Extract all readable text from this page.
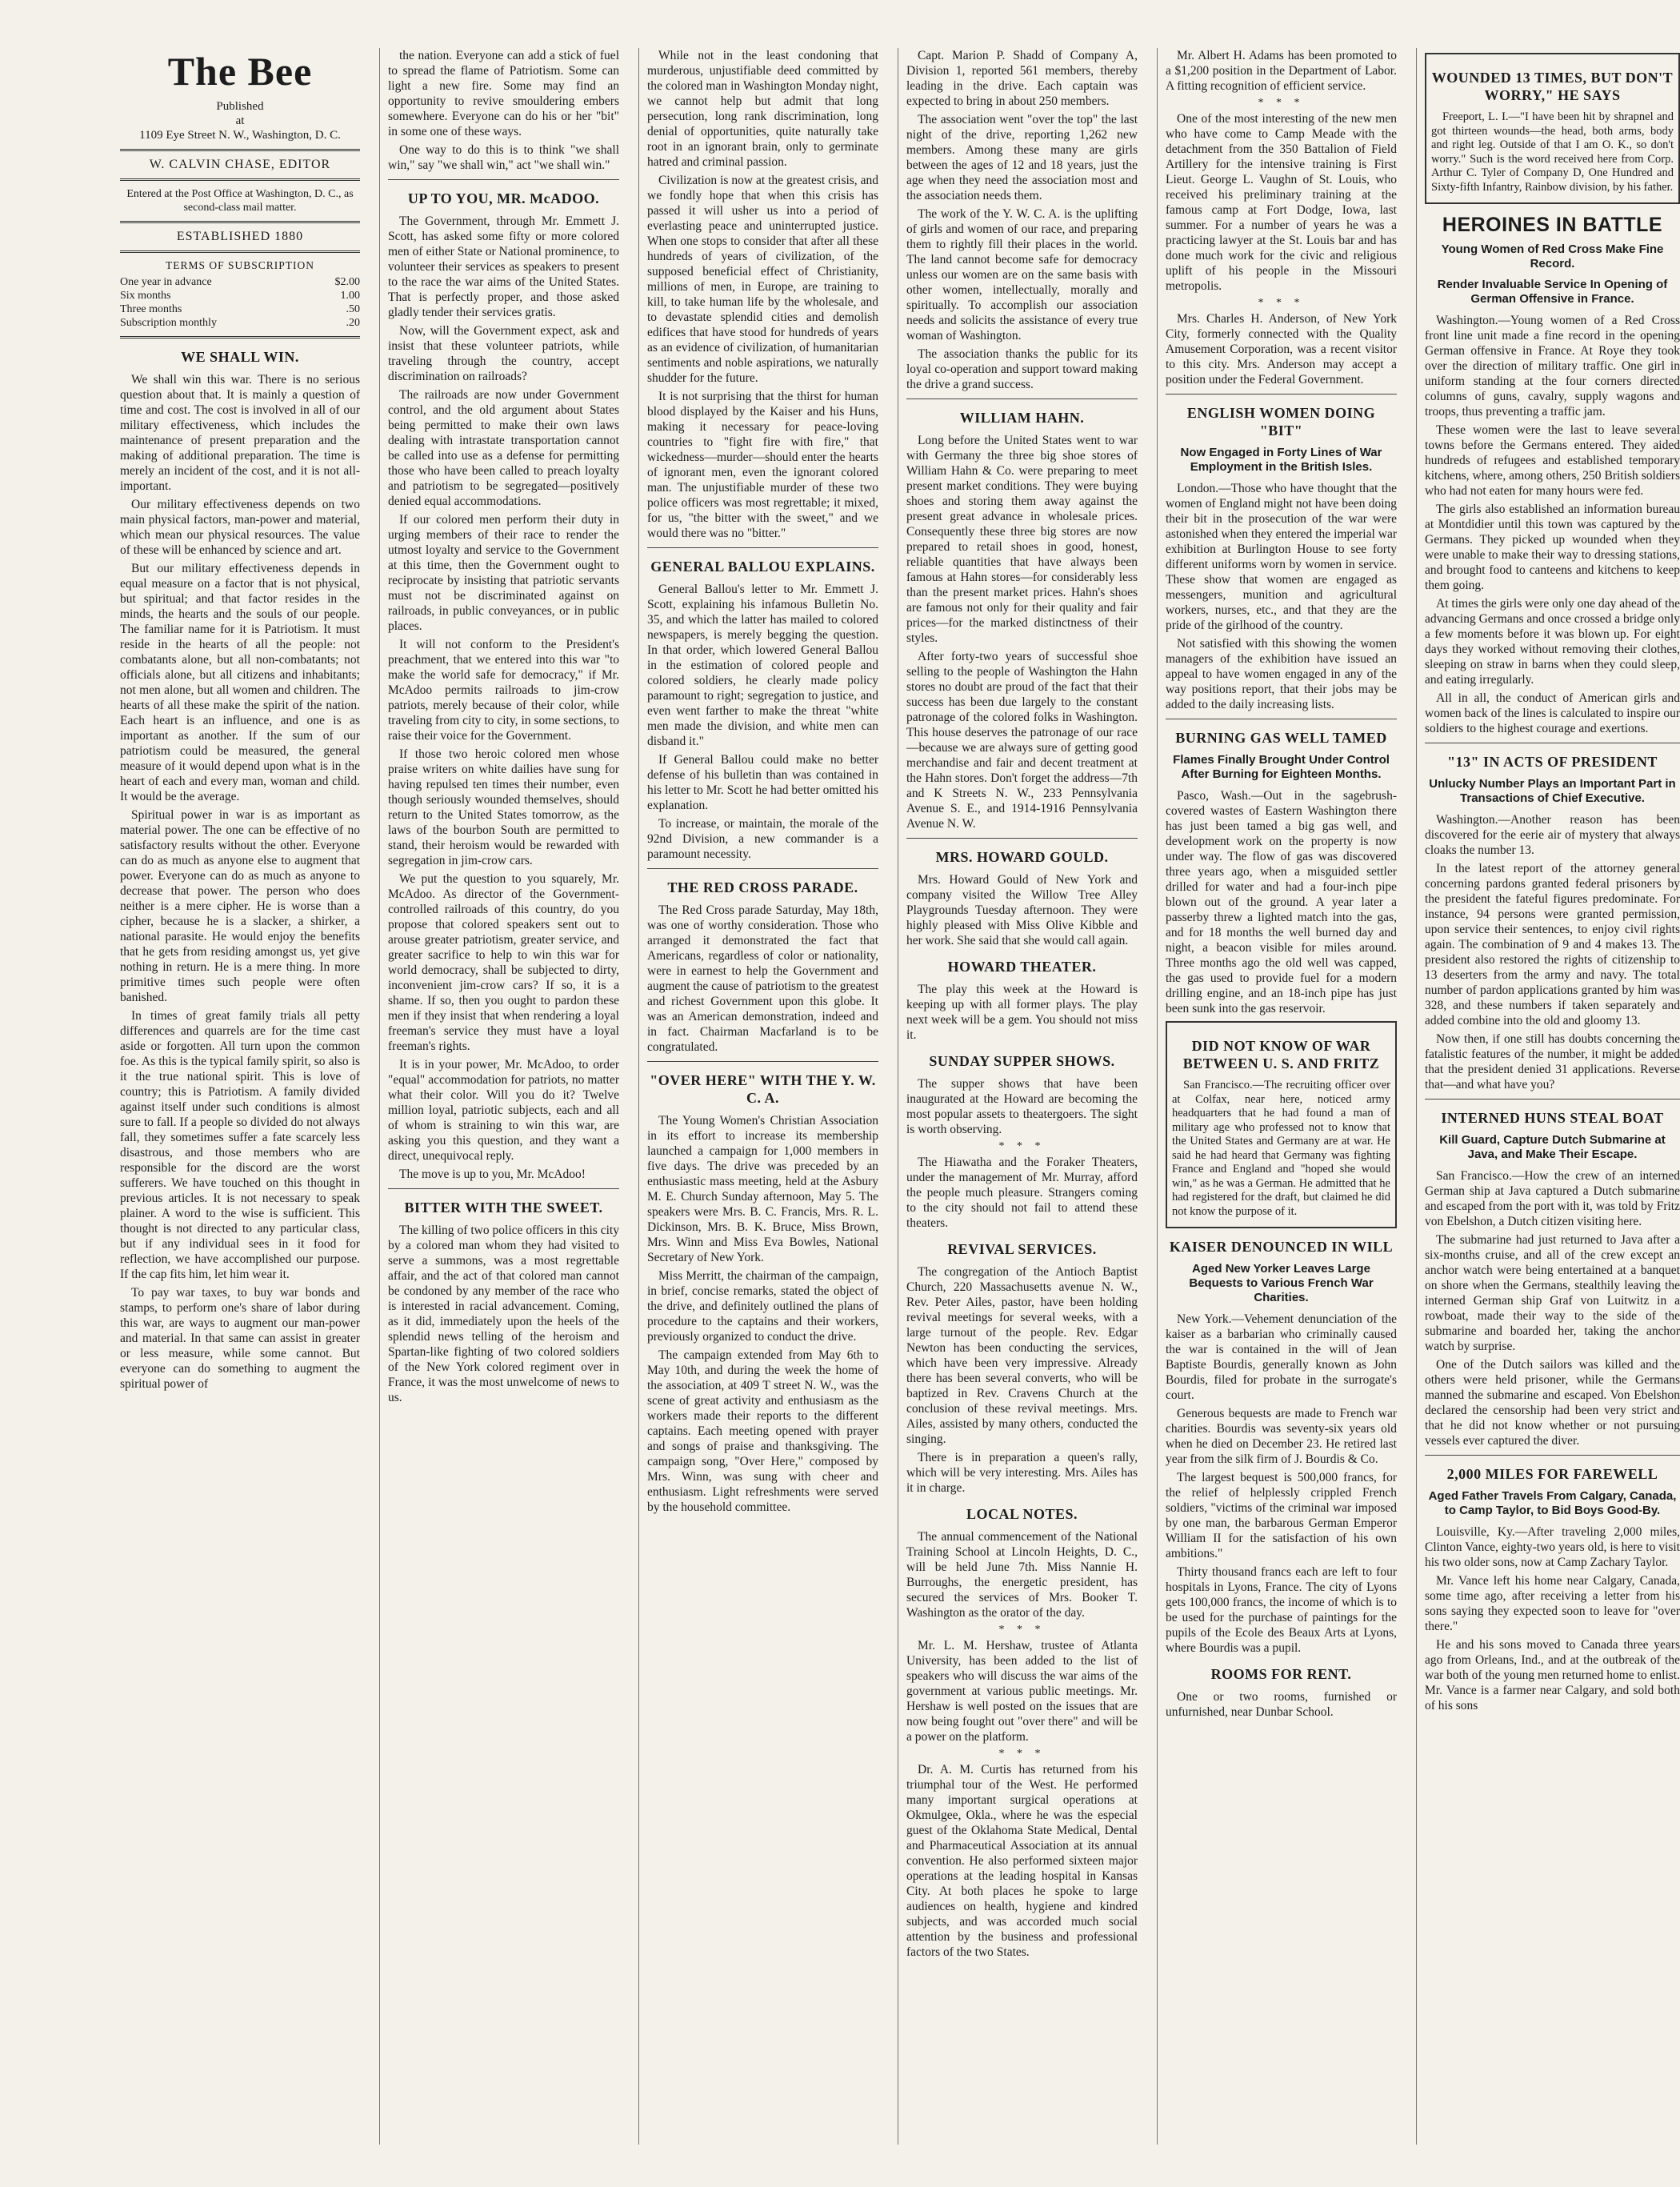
The Bee
Published
at
1109 Eye Street N. W., Washington, D. C.
W. CALVIN CHASE, EDITOR

Entered at the Post Office at Washington, D. C., as second-class mail matter.

ESTABLISHED 1880
TERMS OF SUBSCRIPTION
One year in advance	$2.00
Six months	1.00
Three months	.50
Subscription monthly	.20
WE SHALL WIN.

We shall win this war. There is no serious question about that. It is mainly a question of time and cost. The cost is involved in all of our military effectiveness, which includes the maintenance of present preparation and the making of additional preparation. The time is merely an incident of the cost, and it is not all-important.

Our military effectiveness depends on two main physical factors, man-power and material, which mean our physical resources. The value of these will be enhanced by science and art.

But our military effectiveness depends in equal measure on a factor that is not physical, but spiritual; and that factor resides in the minds, the hearts and the souls of our people. The familiar name for it is Patriotism. It must reside in the hearts of all the people: not combatants alone, but all non-combatants; not officials alone, but all citizens and inhabitants; not men alone, but all women and children. The hearts of all these make the spirit of the nation. Each heart is an influence, and one is as important as another. If the sum of our patriotism could be measured, the general measure of it would depend upon what is in the heart of each and every man, woman and child. It would be the average.

Spiritual power in war is as important as material power. The one can be effective of no satisfactory results without the other. Everyone can do as much as anyone else to augment that power. Everyone can do as much as anyone to decrease that power. The person who does neither is a mere cipher. He is worse than a cipher, because he is a slacker, a shirker, a national parasite. He would enjoy the benefits that he gets from residing amongst us, yet give nothing in return. He is a mere thing. In more primitive times such people were often banished.

In times of great family trials all petty differences and quarrels are for the time cast aside or forgotten. All turn upon the common foe. As this is the typical family spirit, so also is it the true national spirit. This is love of country; this is Patriotism. A family divided against itself under such conditions is almost sure to fall. If a people so divided do not always fall, they sometimes suffer a fate scarcely less disastrous, and those members who are responsible for the discord are the worst sufferers. We have touched on this thought in previous articles. It is not necessary to speak plainer. A word to the wise is sufficient. This thought is not directed to any particular class, but if any individual sees in it food for reflection, we have accomplished our purpose. If the cap fits him, let him wear it.

To pay war taxes, to buy war bonds and stamps, to perform one's share of labor during this war, are ways to augment our man-power and material. In that same can assist in greater or less measure, while some cannot. But everyone can do something to augment the spiritual power of

the nation. Everyone can add a stick of fuel to spread the flame of Patriotism. Some can light a new fire. Some may find an opportunity to revive smouldering embers somewhere. Everyone can do his or her "bit" in some one of these ways.

One way to do this is to think "we shall win," say "we shall win," act "we shall win."

UP TO YOU, MR. McADOO.

The Government, through Mr. Emmett J. Scott, has asked some fifty or more colored men of either State or National prominence, to volunteer their services as speakers to present to the race the war aims of the United States. That is perfectly proper, and those asked gladly tender their services gratis.

Now, will the Government expect, ask and insist that these volunteer patriots, while traveling through the country, accept discrimination on railroads?

The railroads are now under Government control, and the old argument about States being permitted to make their own laws dealing with intrastate transportation cannot be called into use as a defense for permitting those who have been called to preach loyalty and patriotism to be segregated—positively denied equal accommodations.

If our colored men perform their duty in urging members of their race to render the utmost loyalty and service to the Government at this time, then the Government ought to reciprocate by insisting that patriotic servants must not be discriminated against on railroads, in public conveyances, or in public places.

It will not conform to the President's preachment, that we entered into this war "to make the world safe for democracy," if Mr. McAdoo permits railroads to jim-crow patriots, merely because of their color, while traveling from city to city, in some sections, to raise their voice for the Government.

If those two heroic colored men whose praise writers on white dailies have sung for having repulsed ten times their number, even though seriously wounded themselves, should return to the United States tomorrow, as the laws of the bourbon South are permitted to stand, their heroism would be rewarded with segregation in jim-crow cars.

We put the question to you squarely, Mr. McAdoo. As director of the Government-controlled railroads of this country, do you propose that colored speakers sent out to arouse greater patriotism, greater service, and greater sacrifice to help to win this war for world democracy, shall be subjected to dirty, inconvenient jim-crow cars? If so, it is a shame. If so, then you ought to pardon these men if they insist that when rendering a loyal freeman's service they must have a loyal freeman's rights.

It is in your power, Mr. McAdoo, to order "equal" accommodation for patriots, no matter what their color. Will you do it? Twelve million loyal, patriotic subjects, each and all of whom is straining to win this war, are asking you this question, and they want a direct, unequivocal reply.

The move is up to you, Mr. McAdoo!

BITTER WITH THE SWEET.

The killing of two police officers in this city by a colored man whom they had visited to serve a summons, was a most regrettable affair, and the act of that colored man cannot be condoned by any member of the race who is interested in racial advancement. Coming, as it did, immediately upon the heels of the splendid news telling of the heroism and Spartan-like fighting of two colored soldiers of the New York colored regiment over in France, it was the most unwelcome of news to us.

While not in the least condoning that murderous, unjustifiable deed committed by the colored man in Washington Monday night, we cannot help but admit that long persecution, long rank discrimination, long denial of opportunities, quite naturally take root in an ignorant brain, only to germinate hatred and criminal passion.

Civilization is now at the greatest crisis, and we fondly hope that when this crisis has passed it will usher us into a period of everlasting peace and uninterrupted justice. When one stops to consider that after all these hundreds of years of civilization, of the supposed beneficial effect of Christianity, millions of men, in Europe, are training to kill, to take human life by the wholesale, and to devastate splendid cities and demolish edifices that have stood for hundreds of years as an evidence of civilization, of humanitarian sentiments and noble aspirations, we naturally shudder for the future.

It is not surprising that the thirst for human blood displayed by the Kaiser and his Huns, making it necessary for peace-loving countries to "fight fire with fire," that wickedness—murder—should enter the hearts of ignorant men, even the ignorant colored man. The unjustifiable murder of these two police officers was most regrettable; it mixed, for us, "the bitter with the sweet," and we would there was no "bitter."

GENERAL BALLOU EXPLAINS.

General Ballou's letter to Mr. Emmett J. Scott, explaining his infamous Bulletin No. 35, and which the latter has mailed to colored newspapers, is merely begging the question. In that order, which lowered General Ballou in the estimation of colored people and colored soldiers, he clearly made policy paramount to right; segregation to justice, and even went farther to make the threat "white men made the division, and white men can disband it."

If General Ballou could make no better defense of his bulletin than was contained in his letter to Mr. Scott he had better omitted his explanation.

To increase, or maintain, the morale of the 92nd Division, a new commander is a paramount necessity.

THE RED CROSS PARADE.

The Red Cross parade Saturday, May 18th, was one of worthy consideration. Those who arranged it demonstrated the fact that Americans, regardless of color or nationality, were in earnest to help the Government and augment the cause of patriotism to the greatest and richest Government upon this globe. It was an American demonstration, indeed and in fact. Chairman Macfarland is to be congratulated.

"OVER HERE" WITH THE Y. W. C. A.

The Young Women's Christian Association in its effort to increase its membership launched a campaign for 1,000 members in five days. The drive was preceded by an enthusiastic mass meeting, held at the Asbury M. E. Church Sunday afternoon, May 5. The speakers were Mrs. B. C. Francis, Mrs. R. L. Dickinson, Mrs. B. K. Bruce, Miss Brown, Mrs. Winn and Miss Eva Bowles, National Secretary of New York.

Miss Merritt, the chairman of the campaign, in brief, concise remarks, stated the object of the drive, and definitely outlined the plans of procedure to the captains and their workers, previously organized to conduct the drive.

The campaign extended from May 6th to May 10th, and during the week the home of the association, at 409 T street N. W., was the scene of great activity and enthusiasm as the workers made their reports to the different captains. Each meeting opened with prayer and songs of praise and thanksgiving. The campaign song, "Over Here," composed by Mrs. Winn, was sung with cheer and enthusiasm. Light refreshments were served by the household committee.

Capt. Marion P. Shadd of Company A, Division 1, reported 561 members, thereby leading in the drive. Each captain was expected to bring in about 250 members.

The association went "over the top" the last night of the drive, reporting 1,262 new members. Among these many are girls between the ages of 12 and 18 years, just the age when they need the association most and the association needs them.

The work of the Y. W. C. A. is the uplifting of girls and women of our race, and preparing them to rightly fill their places in the world. The land cannot become safe for democracy unless our women are on the same basis with other women, intellectually, morally and spiritually. To accomplish our association needs and solicits the assistance of every true woman of Washington.

The association thanks the public for its loyal co-operation and support toward making the drive a grand success.

WILLIAM HAHN.

Long before the United States went to war with Germany the three big shoe stores of William Hahn & Co. were preparing to meet present market conditions. They were buying shoes and storing them away against the present great advance in wholesale prices. Consequently these three big stores are now prepared to retail shoes in good, honest, reliable quantities that have always been famous at Hahn stores—for considerably less than the present market prices. Hahn's shoes are famous not only for their quality and fair prices—for the marked distinctness of their styles.

After forty-two years of successful shoe selling to the people of Washington the Hahn stores no doubt are proud of the fact that their success has been due largely to the constant patronage of the colored folks in Washington. This house deserves the patronage of our race—because we are always sure of getting good merchandise and fair and decent treatment at the Hahn stores. Don't forget the address—7th and K Streets N. W., 233 Pennsylvania Avenue S. E., and 1914-1916 Pennsylvania Avenue N. W.

MRS. HOWARD GOULD.

Mrs. Howard Gould of New York and company visited the Willow Tree Alley Playgrounds Tuesday afternoon. They were highly pleased with Miss Olive Kibble and her work. She said that she would call again.

HOWARD THEATER.

The play this week at the Howard is keeping up with all former plays. The play next week will be a gem. You should not miss it.

SUNDAY SUPPER SHOWS.

The supper shows that have been inaugurated at the Howard are becoming the most popular assets to theatergoers. The sight is worth observing.

* * *

The Hiawatha and the Foraker Theaters, under the management of Mr. Murray, afford the people much pleasure. Strangers coming to the city should not fail to attend these theaters.

REVIVAL SERVICES.

The congregation of the Antioch Baptist Church, 220 Massachusetts avenue N. W., Rev. Peter Ailes, pastor, have been holding revival meetings for several weeks, with a large turnout of the people. Rev. Edgar Newton has been conducting the services, which have been very impressive. Already there has been several converts, who will be baptized in Rev. Cravens Church at the conclusion of these revival meetings. Mrs. Ailes, assisted by many others, conducted the singing.

There is in preparation a queen's rally, which will be very interesting. Mrs. Ailes has it in charge.

LOCAL NOTES.

The annual commencement of the National Training School at Lincoln Heights, D. C., will be held June 7th. Miss Nannie H. Burroughs, the energetic president, has secured the services of Mrs. Booker T. Washington as the orator of the day.

* * *

Mr. L. M. Hershaw, trustee of Atlanta University, has been added to the list of speakers who will discuss the war aims of the government at various public meetings. Mr. Hershaw is well posted on the issues that are now being fought out "over there" and will be a power on the platform.

* * *

Dr. A. M. Curtis has returned from his triumphal tour of the West. He performed many important surgical operations at Okmulgee, Okla., where he was the especial guest of the Oklahoma State Medical, Dental and Pharmaceutical Association at its annual convention. He also performed sixteen major operations at the leading hospital in Kansas City. At both places he spoke to large audiences on health, hygiene and kindred subjects, and was accorded much social attention by the business and professional factors of the two States.

Mr. Albert H. Adams has been promoted to a $1,200 position in the Department of Labor. A fitting recognition of efficient service.

* * *

One of the most interesting of the new men who have come to Camp Meade with the detachment from the 350 Battalion of Field Artillery for the intensive training is First Lieut. George L. Vaughn of St. Louis, who received his preliminary training at the famous camp at Fort Dodge, Iowa, last summer. For a number of years he was a practicing lawyer at the St. Louis bar and has done much work for the civic and religious uplift of his people in the Missouri metropolis.

* * *

Mrs. Charles H. Anderson, of New York City, formerly connected with the Quality Amusement Corporation, was a recent visitor to this city. Mrs. Anderson may accept a position under the Federal Government.

ENGLISH WOMEN DOING "BIT"
Now Engaged in Forty Lines of War Employment in the British Isles.

London.—Those who have thought that the women of England might not have been doing their bit in the prosecution of the war were astonished when they entered the imperial war exhibition at Burlington House to see forty different uniforms worn by women in service. These show that women are engaged as messengers, munition and agricultural workers, nurses, etc., and that they are the pride of the girlhood of the country.

Not satisfied with this showing the women managers of the exhibition have issued an appeal to have women engaged in any of the way positions report, that their jobs may be added to the daily increasing lists.

BURNING GAS WELL TAMED
Flames Finally Brought Under Control After Burning for Eighteen Months.

Pasco, Wash.—Out in the sagebrush-covered wastes of Eastern Washington there has just been tamed a big gas well, and development work on the property is now under way. The flow of gas was discovered three years ago, when a misguided settler drilled for water and had a four-inch pipe blown out of the ground. A year later a passerby threw a lighted match into the gas, and for 18 months the well burned day and night, a beacon visible for miles around. Three months ago the old well was capped, the gas used to provide fuel for a modern drilling engine, and an 18-inch pipe has just been sunk into the gas reservoir.

DID NOT KNOW OF WAR BETWEEN U. S. AND FRITZ

San Francisco.—The recruiting officer over at Colfax, near here, noticed army headquarters that he had found a man of military age who professed not to know that the United States and Germany are at war. He said he had heard that Germany was fighting France and England and "hoped she would win," as he was a German. He admitted that he had registered for the draft, but claimed he did not know the purpose of it.

KAISER DENOUNCED IN WILL
Aged New Yorker Leaves Large Bequests to Various French War Charities.

New York.—Vehement denunciation of the kaiser as a barbarian who criminally caused the war is contained in the will of Jean Baptiste Bourdis, generally known as John Bourdis, filed for probate in the surrogate's court.

Generous bequests are made to French war charities. Bourdis was seventy-six years old when he died on December 23. He retired last year from the silk firm of J. Bourdis & Co.

The largest bequest is 500,000 francs, for the relief of helplessly crippled French soldiers, "victims of the criminal war imposed by one man, the barbarous German Emperor William II for the satisfaction of his own ambitions."

Thirty thousand francs each are left to four hospitals in Lyons, France. The city of Lyons gets 100,000 francs, the income of which is to be used for the purchase of paintings for the pupils of the Ecole des Beaux Arts at Lyons, where Bourdis was a pupil.

ROOMS FOR RENT.

One or two rooms, furnished or unfurnished, near Dunbar School.

WOUNDED 13 TIMES, BUT DON'T WORRY," HE SAYS

Freeport, L. I.—"I have been hit by shrapnel and got thirteen wounds—the head, both arms, body and right leg. Outside of that I am O. K., so don't worry." Such is the word received here from Corp. Arthur C. Tyler of Company D, One Hundred and Sixty-fifth Infantry, Rainbow division, by his father.

HEROINES IN BATTLE
Young Women of Red Cross Make Fine Record.
Render Invaluable Service In Opening of German Offensive in France.

Washington.—Young women of a Red Cross front line unit made a fine record in the opening German offensive in France. At Roye they took over the direction of military traffic. One girl in uniform standing at the four corners directed columns of guns, cavalry, supply wagons and troops, thus preventing a traffic jam.

These women were the last to leave several towns before the Germans entered. They aided hundreds of refugees and established temporary kitchens, where, among others, 250 British soldiers who had not eaten for many hours were fed.

The girls also established an information bureau at Montdidier until this town was captured by the Germans. They picked up wounded when they were unable to make their way to dressing stations, and brought food to canteens and kitchens to keep them going.

At times the girls were only one day ahead of the advancing Germans and once crossed a bridge only a few moments before it was blown up. For eight days they worked without removing their clothes, sleeping on straw in barns when they could sleep, and eating irregularly.

All in all, the conduct of American girls and women back of the lines is calculated to inspire our soldiers to the highest courage and exertions.

"13" IN ACTS OF PRESIDENT
Unlucky Number Plays an Important Part in Transactions of Chief Executive.

Washington.—Another reason has been discovered for the eerie air of mystery that always cloaks the number 13.

In the latest report of the attorney general concerning pardons granted federal prisoners by the president the fateful figures predominate. For instance, 94 persons were granted permission, upon service their sentences, to enjoy civil rights again. The combination of 9 and 4 makes 13. The president also restored the rights of citizenship to 13 deserters from the army and navy. The total number of pardon applications granted by him was 328, and these numbers if taken separately and added combine into the old and gloomy 13.

Now then, if one still has doubts concerning the fatalistic features of the number, it might be added that the president denied 31 applications. Reverse that—and what have you?

INTERNED HUNS STEAL BOAT
Kill Guard, Capture Dutch Submarine at Java, and Make Their Escape.

San Francisco.—How the crew of an interned German ship at Java captured a Dutch submarine and escaped from the port with it, was told by Fritz von Ebelshon, a Dutch citizen visiting here.

The submarine had just returned to Java after a six-months cruise, and all of the crew except an anchor watch were being entertained at a banquet on shore when the Germans, stealthily leaving the interned German ship Graf von Luitwitz in a rowboat, made their way to the side of the submarine and boarded her, taking the anchor watch by surprise.

One of the Dutch sailors was killed and the others were held prisoner, while the Germans manned the submarine and escaped. Von Ebelshon declared the censorship had been very strict and that he did not know whether or not pursuing vessels ever captured the diver.

2,000 MILES FOR FAREWELL
Aged Father Travels From Calgary, Canada, to Camp Taylor, to Bid Boys Good-By.

Louisville, Ky.—After traveling 2,000 miles, Clinton Vance, eighty-two years old, is here to visit his two older sons, now at Camp Zachary Taylor.

Mr. Vance left his home near Calgary, Canada, some time ago, after receiving a letter from his sons saying they expected soon to leave for "over there."

He and his sons moved to Canada three years ago from Orleans, Ind., and at the outbreak of the war both of the young men returned home to enlist. Mr. Vance is a farmer near Calgary, and sold both of his sons
